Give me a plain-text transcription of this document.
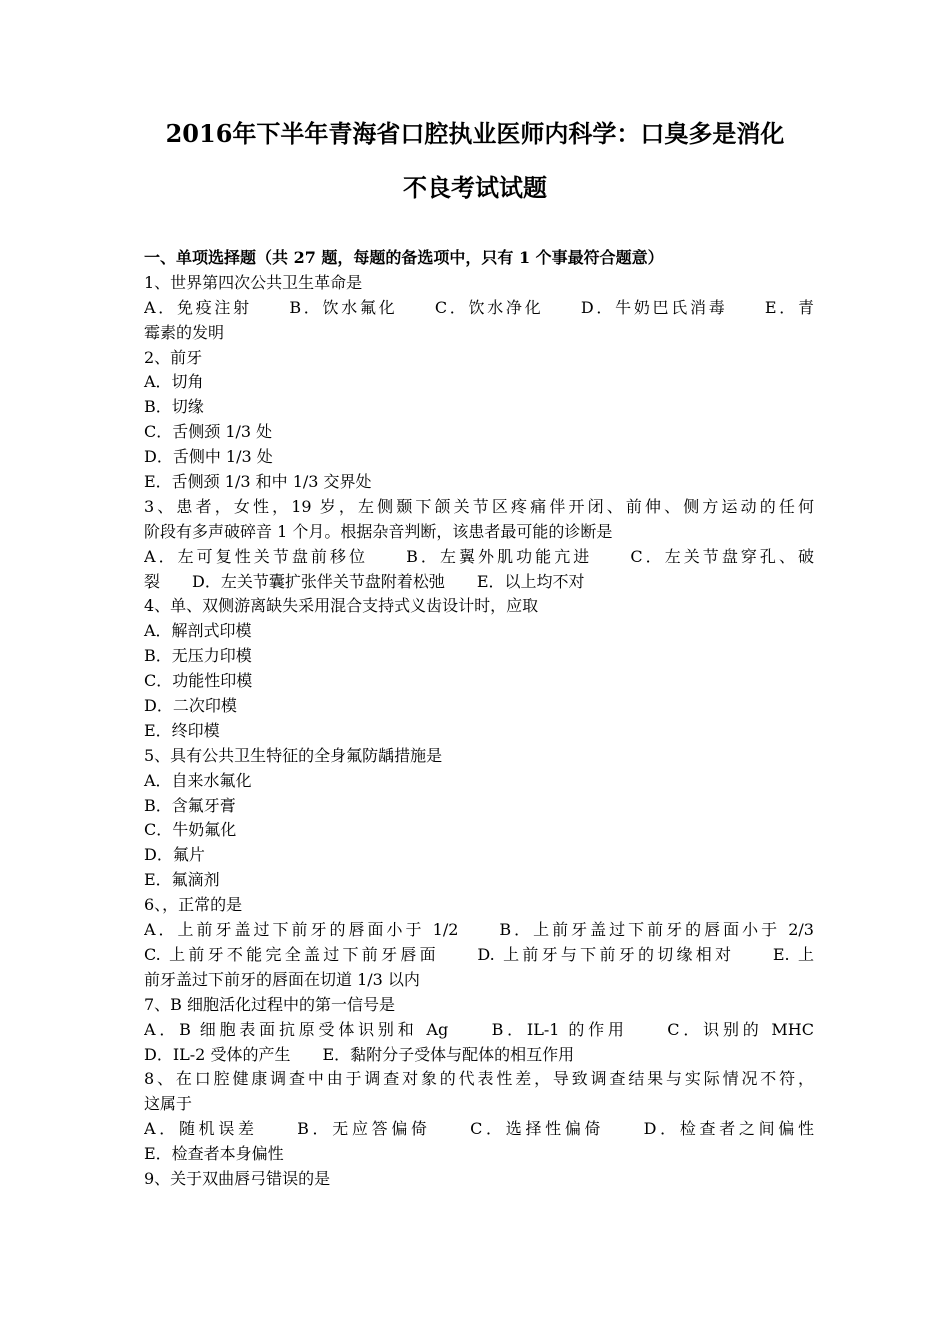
2016年下半年青海省口腔执业医师内科学：口臭多是消化
不良考试试题
一、单项选择题（共 27 题，每题的备选项中，只有 1 个事最符合题意）
1、世界第四次公共卫生革命是
A．免疫注射　　B．饮水氟化　　C．饮水净化　　D．牛奶巴氏消毒　　E．青
霉素的发明
2、前牙
A．切角
B．切缘
C．舌侧颈 1/3 处
D．舌侧中 1/3 处
E．舌侧颈 1/3 和中 1/3 交界处
3、患者，女性，19 岁，左侧颞下颌关节区疼痛伴开闭、前伸、侧方运动的任何
阶段有多声破碎音 1 个月。根据杂音判断，该患者最可能的诊断是
A．左可复性关节盘前移位　　B．左翼外肌功能亢进　　C．左关节盘穿孔、破
裂　　D．左关节囊扩张伴关节盘附着松弛　　E．以上均不对
4、单、双侧游离缺失采用混合支持式义齿设计时，应取
A．解剖式印模
B．无压力印模
C．功能性印模
D．二次印模
E．终印模
5、具有公共卫生特征的全身氟防龋措施是
A．自来水氟化
B．含氟牙膏
C．牛奶氟化
D．氟片
E．氟滴剂
6、，正常的是
A．上前牙盖过下前牙的唇面小于 1/2　　B．上前牙盖过下前牙的唇面小于 2/3
C. 上前牙不能完全盖过下前牙唇面　　D. 上前牙与下前牙的切缘相对　　E. 上
前牙盖过下前牙的唇面在切道 1/3 以内
7、B 细胞活化过程中的第一信号是
A．B 细胞表面抗原受体识别和 Ag　　B．IL-1 的作用　　C．识别的 MHC
D．IL-2 受体的产生　　E．黏附分子受体与配体的相互作用
8、在口腔健康调查中由于调查对象的代表性差，导致调查结果与实际情况不符，
这属于
A．随机误差　　B．无应答偏倚　　C．选择性偏倚　　D．检查者之间偏性
E．检查者本身偏性
9、关于双曲唇弓错误的是
